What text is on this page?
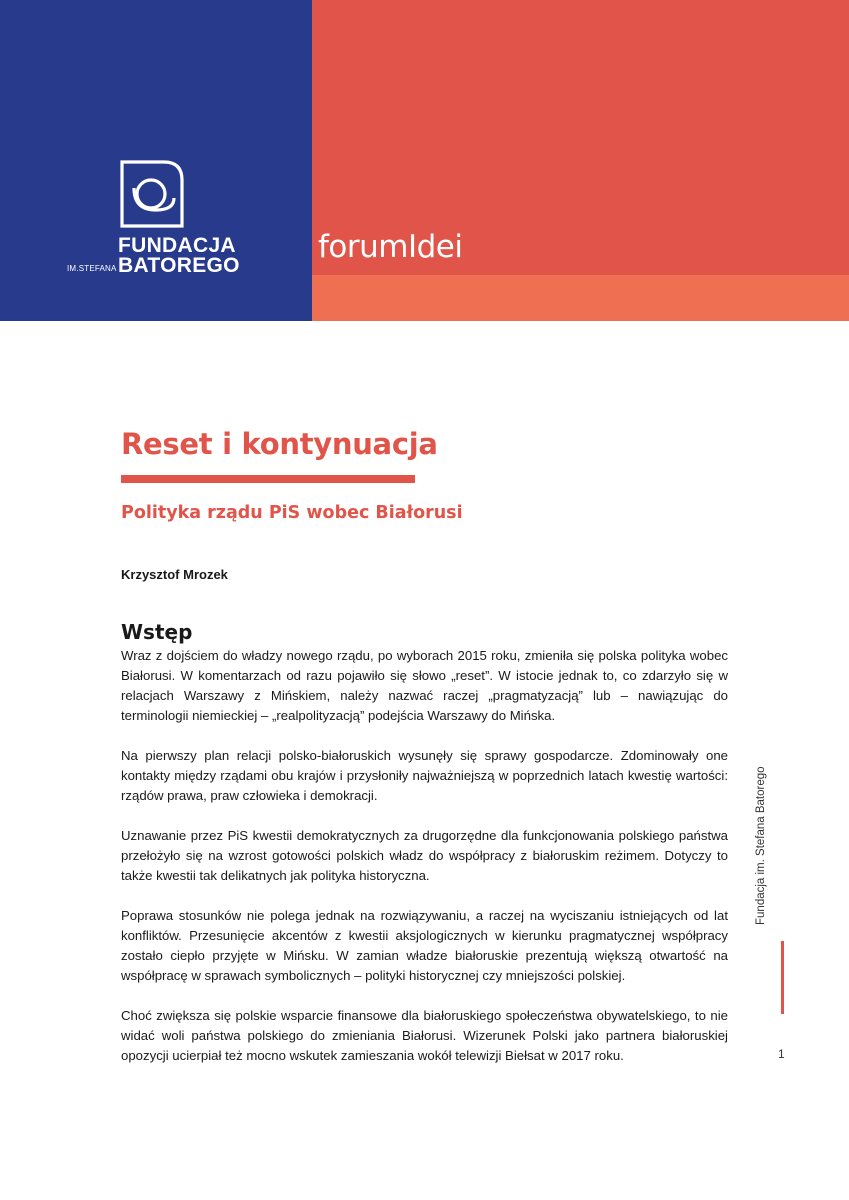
FUNDACJA
IM.STEFANA BATOREGO
forumIdei
Reset i kontynuacja
Polityka rządu PiS wobec Białorusi
Krzysztof Mrozek
Wstęp

Wraz z dojściem do władzy nowego rządu, po wyborach 2015 roku, zmieniła się polska polityka wobec Białorusi. W komentarzach od razu pojawiło się słowo „reset”. W istocie jednak to, co zdarzyło się w relacjach Warszawy z Mińskiem, należy nazwać raczej „pragmatyzacją” lub – nawiązując do terminologii niemieckiej – „realpolityzacją” podejścia Warszawy do Mińska.

Na pierwszy plan relacji polsko-białoruskich wysunęły się sprawy gospodarcze. Zdominowały one kontakty między rządami obu krajów i przysłoniły najważniejszą w poprzednich latach kwestię wartości: rządów prawa, praw człowieka i demokracji.

Uznawanie przez PiS kwestii demokratycznych za drugorzędne dla funkcjonowania polskiego państwa przełożyło się na wzrost gotowości polskich władz do współpracy z białoruskim reżimem. Dotyczy to także kwestii tak delikatnych jak polityka historyczna.

Poprawa stosunków nie polega jednak na rozwiązywaniu, a raczej na wyciszaniu istniejących od lat konfliktów. Przesunięcie akcentów z kwestii aksjologicznych w kierunku pragmatycznej współpracy zostało ciepło przyjęte w Mińsku. W zamian władze białoruskie prezentują większą otwartość na współpracę w sprawach symbolicznych – polityki historycznej czy mniejszości polskiej.

Choć zwiększa się polskie wsparcie finansowe dla białoruskiego społeczeństwa obywatelskiego, to nie widać woli państwa polskiego do zmieniania Białorusi. Wizerunek Polski jako partnera białoruskiej opozycji ucierpiał też mocno wskutek zamieszania wokół telewizji Biełsat w 2017 roku.

Fundacja im. Stefana Batorego
1
